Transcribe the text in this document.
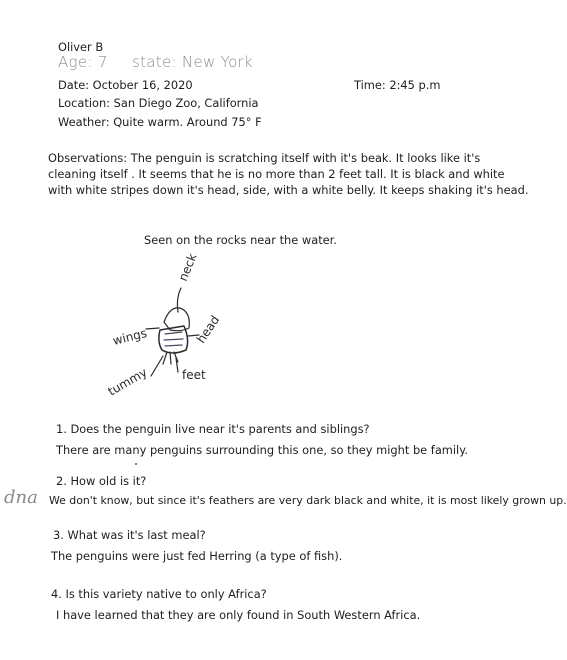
Oliver B
Age: 7 state: New York
Date: October 16, 2020	Time: 2:45 p.m
Location: San Diego Zoo, California
Weather: Quite warm. Around 75° F
Observations: The penguin is scratching itself with it's beak. It looks like it's
cleaning itself . It seems that he is no more than 2 feet tall. It is black and white
with white stripes down it's head, side, with a white belly. It keeps shaking it's head.
Seen on the rocks near the water.
neck
wings	head
tummy	feet
dna
1. Does the penguin live near it's parents and siblings?
There are many penguins surrounding this one, so they might be family.
2. How old is it?
We don't know, but since it's feathers are very dark black and white, it is most likely grown up.
3. What was it's last meal?
The penguins were just fed Herring (a type of fish).
4. Is this variety native to only Africa?
I have learned that they are only found in South Western Africa.
